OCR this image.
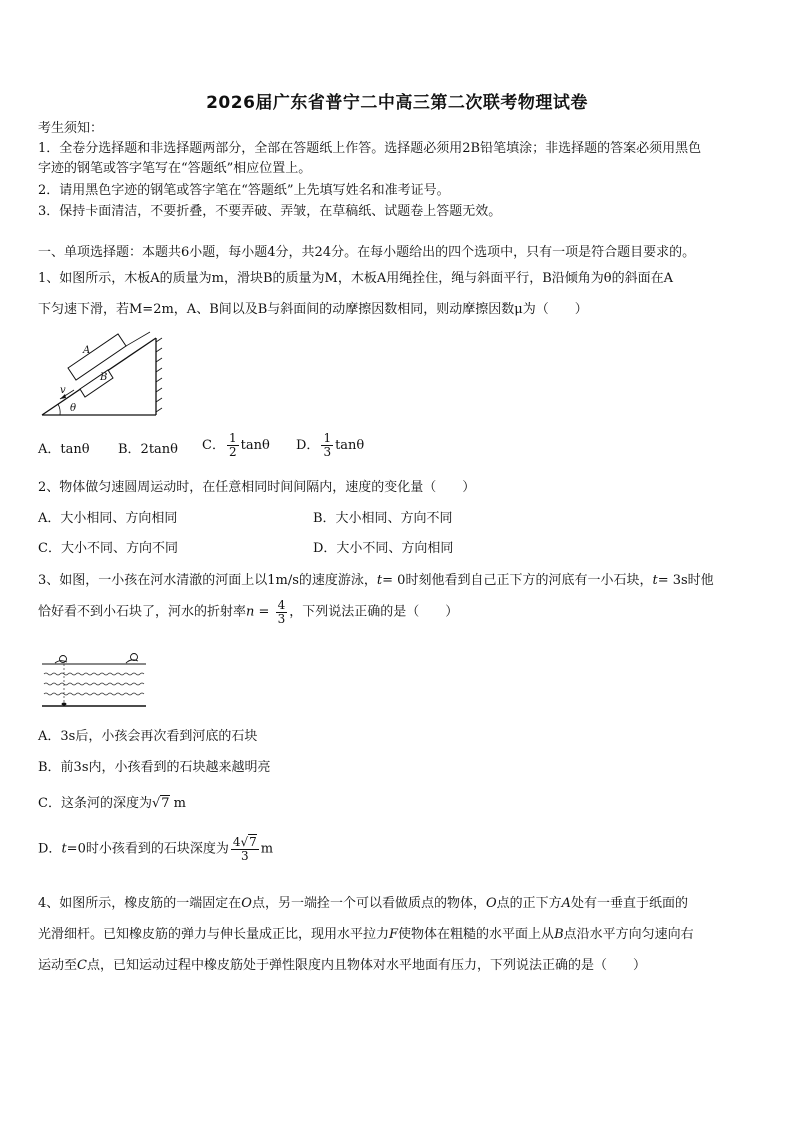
2026届广东省普宁二中高三第二次联考物理试卷
考生须知：
1．全卷分选择题和非选择题两部分，全部在答题纸上作答。选择题必须用2B铅笔填涂；非选择题的答案必须用黑色
字迹的钢笔或答字笔写在“答题纸”相应位置上。
2．请用黑色字迹的钢笔或答字笔在“答题纸”上先填写姓名和准考证号。
3．保持卡面清洁，不要折叠，不要弄破、弄皱，在草稿纸、试题卷上答题无效。
一、单项选择题：本题共6小题，每小题4分，共24分。在每小题给出的四个选项中，只有一项是符合题目要求的。
1、如图所示，木板A的质量为m，滑块B的质量为M，木板A用绳拴住，绳与斜面平行，B沿倾角为θ的斜面在A
下匀速下滑，若M=2m，A、B间以及B与斜面间的动摩擦因数相同，则动摩擦因数μ为（　　）
A
B
v
θ
A．tanθ B．2tanθ C． $\frac{1}{2}$ tanθ D． $\frac{1}{3}$ tanθ
2、物体做匀速圆周运动时，在任意相同时间间隔内，速度的变化量（　　）
A．大小相同、方向相同	B．大小相同、方向不同
C．大小不同、方向不同	D．大小不同、方向相同
3、如图，一小孩在河水清澈的河面上以1m/s的速度游泳，t= 0时刻他看到自己正下方的河底有一小石块，t= 3s时他
恰好看不到小石块了，河水的折射率$n = \frac{4}{3}$ ，下列说法正确的是（　　）
A．3s后，小孩会再次看到河底的石块
B．前3s内，小孩看到的石块越来越明亮
C．这条河的深度为√7 m
D．t=0时小孩看到的石块深度为 $\frac{4√7}{3}$ m
4、如图所示，橡皮筋的一端固定在O点，另一端拴一个可以看做质点的物体，O点的正下方A处有一垂直于纸面的
光滑细杆。已知橡皮筋的弹力与伸长量成正比，现用水平拉力F使物体在粗糙的水平面上从B点沿水平方向匀速向右
运动至C点，已知运动过程中橡皮筋处于弹性限度内且物体对水平地面有压力，下列说法正确的是（　　）
